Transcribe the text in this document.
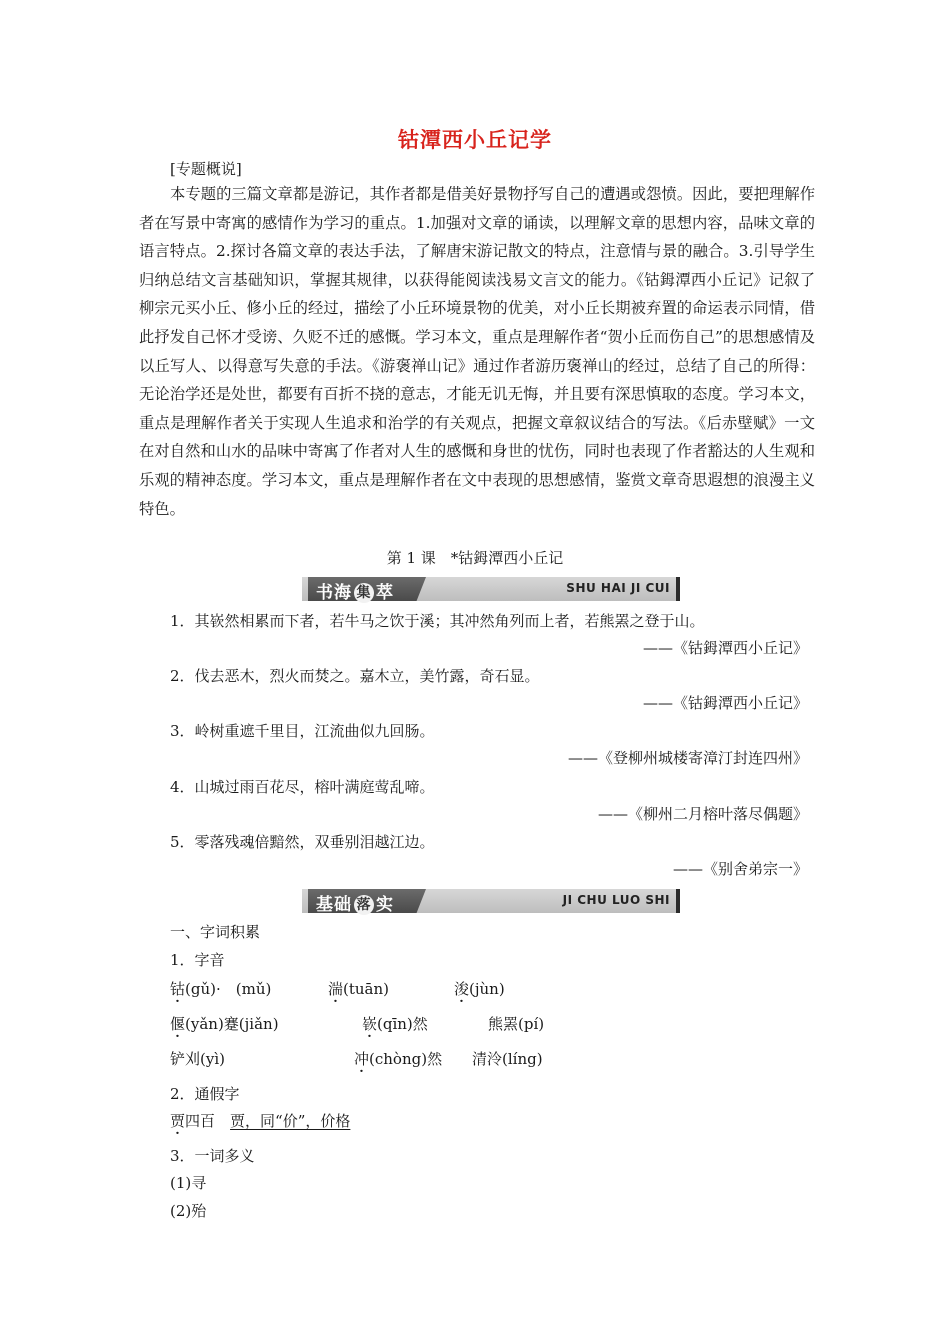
钴潭西小丘记学
[专题概说]

本专题的三篇文章都是游记，其作者都是借美好景物抒写自己的遭遇或怨愤。因此，要把理解作者在写景中寄寓的感情作为学习的重点。1.加强对文章的诵读，以理解文章的思想内容，品味文章的语言特点。2.探讨各篇文章的表达手法，了解唐宋游记散文的特点，注意情与景的融合。3.引导学生归纳总结文言基础知识，掌握其规律，以获得能阅读浅易文言文的能力。《钴鉧潭西小丘记》记叙了柳宗元买小丘、修小丘的经过，描绘了小丘环境景物的优美，对小丘长期被弃置的命运表示同情，借此抒发自己怀才受谤、久贬不迁的感慨。学习本文，重点是理解作者“贺小丘而伤自己”的思想感情及以丘写人、以得意写失意的手法。《游褒禅山记》通过作者游历褒禅山的经过，总结了自己的所得：无论治学还是处世，都要有百折不挠的意志，才能无讥无悔，并且要有深思慎取的态度。学习本文，重点是理解作者关于实现人生追求和治学的有关观点，把握文章叙议结合的写法。《后赤壁赋》一文在对自然和山水的品味中寄寓了作者对人生的感慨和身世的忧伤，同时也表现了作者豁达的人生观和乐观的精神态度。学习本文，重点是理解作者在文中表现的思想感情，鉴赏文章奇思遐想的浪漫主义特色。

第 1 课　*钴鉧潭西小丘记
书海 集 萃	SHU HAI JI CUI
1．其嵚然相累而下者，若牛马之饮于溪；其冲然角列而上者，若熊罴之登于山。
——《钴鉧潭西小丘记》
2．伐去恶木，烈火而焚之。嘉木立，美竹露，奇石显。
——《钴鉧潭西小丘记》
3．岭树重遮千里目，江流曲似九回肠。
——《登柳州城楼寄漳汀封连四州》
4．山城过雨百花尽，榕叶满庭莺乱啼。
——《柳州二月榕叶落尽偶题》
5．零落残魂倍黯然，双垂别泪越江边。
——《别舍弟宗一》
基础 落 实	JI CHU LUO SHI
一、字词积累
1．字音
钴(gǔ)·　(mǔ)	湍(tuān)	浚(jùn)
偃(yǎn)蹇(jiǎn)	嵚(qīn)然	熊罴(pí)
铲刈(yì)	冲(chòng)然 清泠(líng)
2．通假字
贾四百　 贾，同“价”，价格
3．一词多义
(1)寻
(2)殆
